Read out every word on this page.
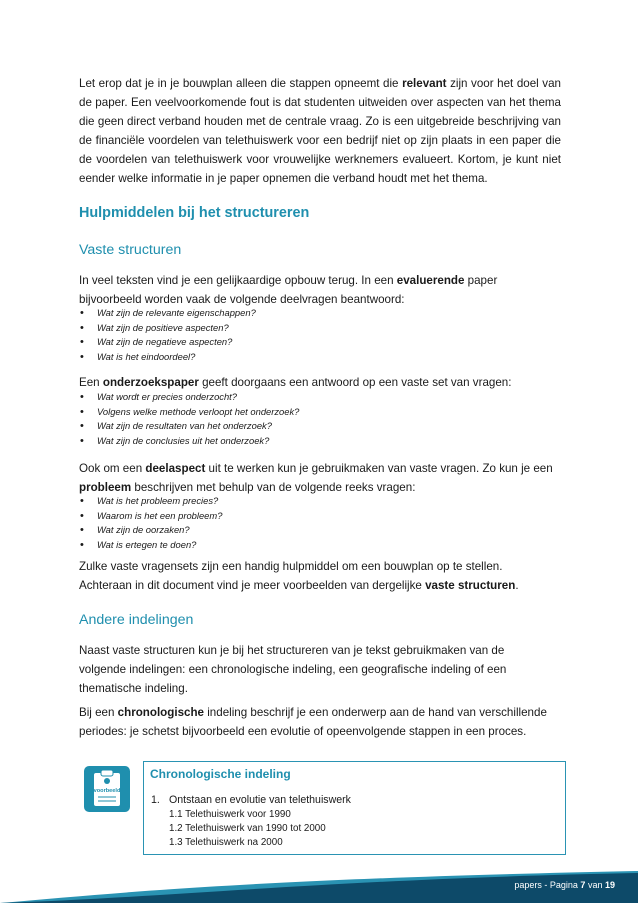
Let erop dat je in je bouwplan alleen die stappen opneemt die relevant zijn voor het doel van de paper. Een veelvoorkomende fout is dat studenten uitweiden over aspecten van het thema die geen direct verband houden met de centrale vraag. Zo is een uitgebreide beschrijving van de financiële voordelen van telethuiswerk voor een bedrijf niet op zijn plaats in een paper die de voordelen van telethuiswerk voor vrouwelijke werknemers evalueert. Kortom, je kunt niet eender welke informatie in je paper opnemen die verband houdt met het thema.

Hulpmiddelen bij het structureren
Vaste structuren

In veel teksten vind je een gelijkaardige opbouw terug. In een evaluerende paper bijvoorbeeld worden vaak de volgende deelvragen beantwoord:

• Wat zijn de relevante eigenschappen?
• Wat zijn de positieve aspecten?
• Wat zijn de negatieve aspecten?
• Wat is het eindoordeel?

Een onderzoekspaper geeft doorgaans een antwoord op een vaste set van vragen:

• Wat wordt er precies onderzocht?
• Volgens welke methode verloopt het onderzoek?
• Wat zijn de resultaten van het onderzoek?
• Wat zijn de conclusies uit het onderzoek?

Ook om een deelaspect uit te werken kun je gebruikmaken van vaste vragen. Zo kun je een probleem beschrijven met behulp van de volgende reeks vragen:

• Wat is het probleem precies?
• Waarom is het een probleem?
• Wat zijn de oorzaken?
• Wat is ertegen te doen?

Zulke vaste vragensets zijn een handig hulpmiddel om een bouwplan op te stellen. Achteraan in dit document vind je meer voorbeelden van dergelijke vaste structuren.

Andere indelingen

Naast vaste structuren kun je bij het structureren van je tekst gebruikmaken van de volgende indelingen: een chronologische indeling, een geografische indeling of een thematische indeling.

Bij een chronologische indeling beschrijf je een onderwerp aan de hand van verschillende periodes: je schetst bijvoorbeeld een evolutie of opeenvolgende stappen in een proces.

voorbeeld
Chronologische indeling
1. Ontstaan en evolutie van telethuiswerk
1.1 Telethuiswerk voor 1990
1.2 Telethuiswerk van 1990 tot 2000
1.3 Telethuiswerk na 2000
papers - Pagina 7 van 19
